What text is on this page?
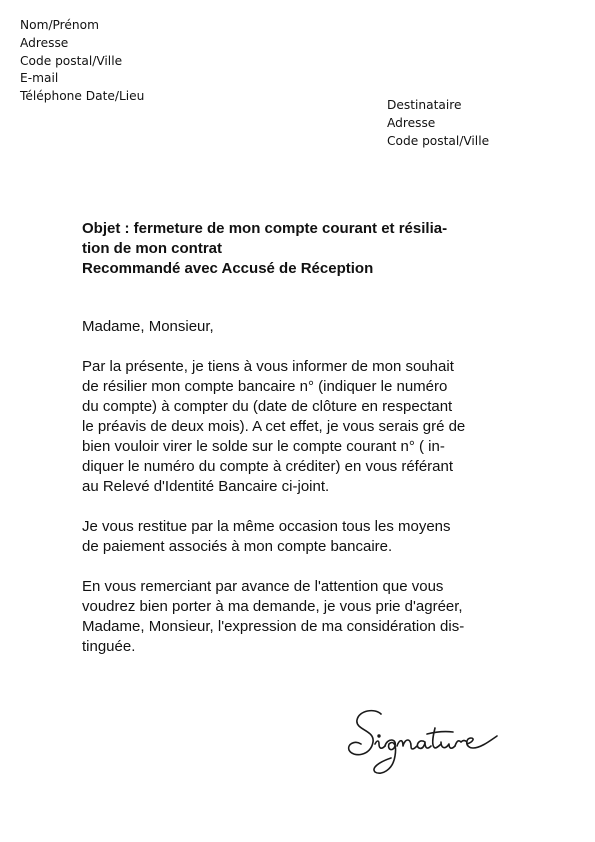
Nom/Prénom
Adresse
Code postal/Ville
E-mail
Téléphone Date/Lieu
Destinataire
Adresse
Code postal/Ville
Objet : fermeture de mon compte courant et résilia-
tion de mon contrat
Recommandé avec Accusé de Réception

Madame, Monsieur,

Par la présente, je tiens à vous informer de mon souhait
de résilier mon compte bancaire n° (indiquer le numéro
du compte) à compter du (date de clôture en respectant
le préavis de deux mois). A cet effet, je vous serais gré de
bien vouloir virer le solde sur le compte courant n° ( in-
diquer le numéro du compte à créditer) en vous référant
au Relevé d'Identité Bancaire ci-joint.
Je vous restitue par la même occasion tous les moyens
de paiement associés à mon compte bancaire.
En vous remerciant par avance de l'attention que vous
voudrez bien porter à ma demande, je vous prie d'agréer,
Madame, Monsieur, l'expression de ma considération dis-
tinguée.
